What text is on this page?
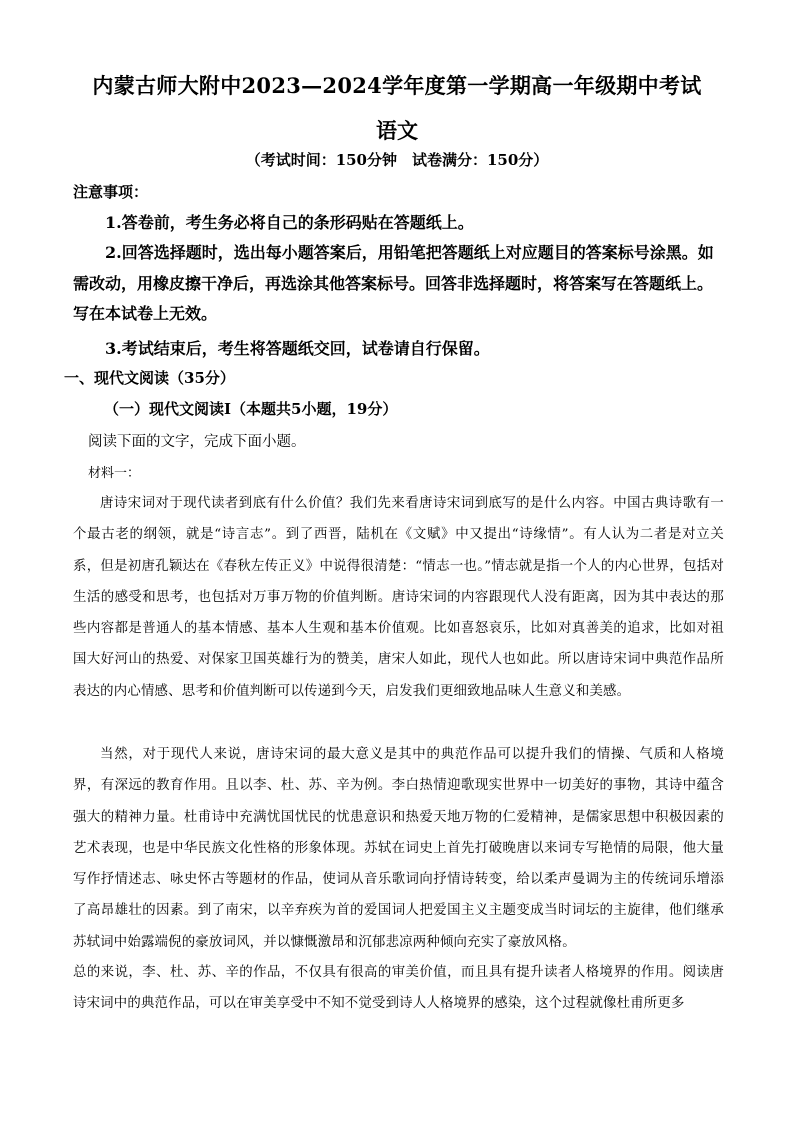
内蒙古师大附中2023—2024学年度第一学期高一年级期中考试
语文
（考试时间：150分钟　试卷满分：150分）
注意事项：
1.答卷前，考生务必将自己的条形码贴在答题纸上。
2.回答选择题时，选出每小题答案后，用铅笔把答题纸上对应题目的答案标号涂黑。如需改动，用橡皮擦干净后，再选涂其他答案标号。回答非选择题时，将答案写在答题纸上。写在本试卷上无效。
3.考试结束后，考生将答题纸交回，试卷请自行保留。
一、现代文阅读（35分）
（一）现代文阅读Ⅰ（本题共5小题，19分）
阅读下面的文字，完成下面小题。
材料一：
唐诗宋词对于现代读者到底有什么价值？我们先来看唐诗宋词到底写的是什么内容。中国古典诗歌有一个最古老的纲领，就是“诗言志”。到了西晋，陆机在《文赋》中又提出“诗缘情”。有人认为二者是对立关系，但是初唐孔颖达在《春秋左传正义》中说得很清楚：“情志一也。”情志就是指一个人的内心世界，包括对生活的感受和思考，也包括对万事万物的价值判断。唐诗宋词的内容跟现代人没有距离，因为其中表达的那些内容都是普通人的基本情感、基本人生观和基本价值观。比如喜怒哀乐，比如对真善美的追求，比如对祖国大好河山的热爱、对保家卫国英雄行为的赞美，唐宋人如此，现代人也如此。所以唐诗宋词中典范作品所表达的内心情感、思考和价值判断可以传递到今天，启发我们更细致地品味人生意义和美感。
当然，对于现代人来说，唐诗宋词的最大意义是其中的典范作品可以提升我们的情操、气质和人格境界，有深远的教育作用。且以李、杜、苏、辛为例。李白热情迎歌现实世界中一切美好的事物，其诗中蕴含强大的精神力量。杜甫诗中充满忧国忧民的忧患意识和热爱天地万物的仁爱精神，是儒家思想中积极因素的艺术表现，也是中华民族文化性格的形象体现。苏轼在词史上首先打破晚唐以来词专写艳情的局限，他大量写作抒情述志、咏史怀古等题材的作品，使词从音乐歌词向抒情诗转变，给以柔声曼调为主的传统词乐增添了高昂雄壮的因素。到了南宋，以辛弃疾为首的爱国词人把爱国主义主题变成当时词坛的主旋律，他们继承苏轼词中始露端倪的豪放词风，并以慷慨激昂和沉郁悲凉两种倾向充实了豪放风格。
总的来说，李、杜、苏、辛的作品，不仅具有很高的审美价值，而且具有提升读者人格境界的作用。阅读唐诗宋词中的典范作品，可以在审美享受中不知不觉受到诗人人格境界的感染，这个过程就像杜甫所更多
